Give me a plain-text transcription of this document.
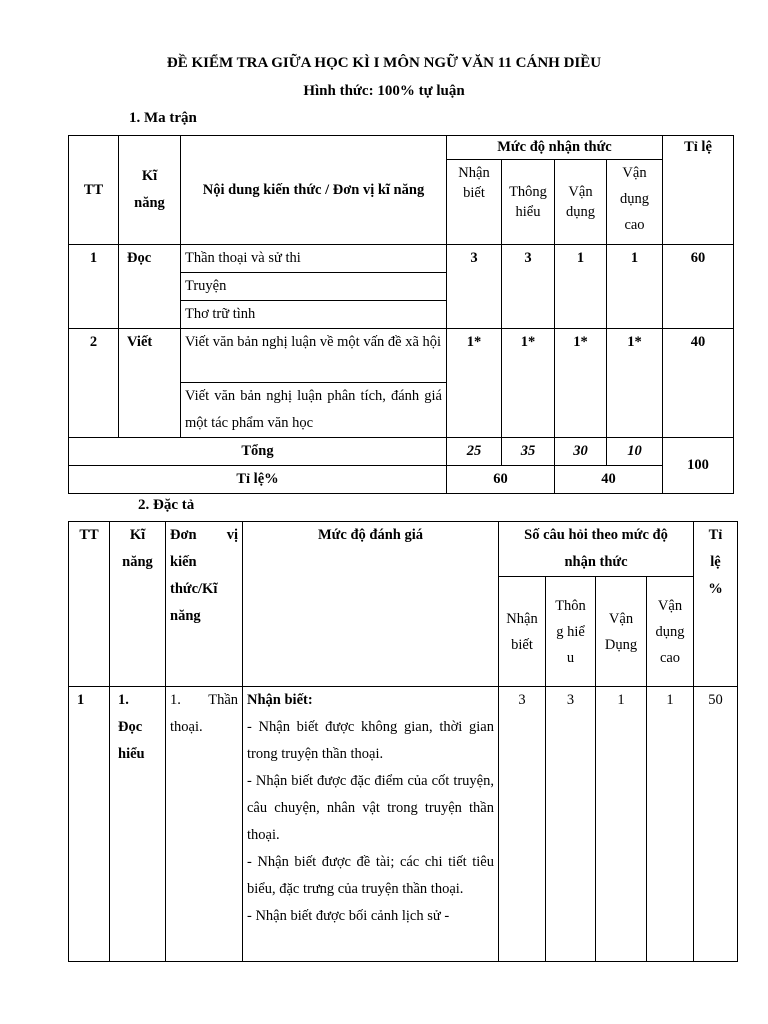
ĐỀ KIỂM TRA GIỮA HỌC KÌ I MÔN NGỮ VĂN 11 CÁNH DIỀU
Hình thức: 100% tự luận
1. Ma trận
TT	Kĩ năng	Nội dung kiến thức / Đơn vị kĩ năng	Mức độ nhận thức				Tỉ lệ
			Nhận biết	Thông hiểu	Vận dụng	Vận dụng cao	
1	Đọc	Thần thoại và sử thi	3	3	1	1	60
		Truyện					
		Thơ trữ tình					
2	Viết	Viết văn bản nghị luận về một vấn đề xã hội	1*	1*	1*	1*	40
		Viết văn bản nghị luận phân tích, đánh giá một tác phẩm văn học					
Tổng			25	35	30	10	100
Tỉ lệ%			60		40		
2. Đặc tả
TT	Kĩ năng	Đơn vị kiến thức/Kĩ năng	Mức độ đánh giá	Số câu hỏi theo mức độ nhận thức				Tỉ lệ %
				Nhận biết	Thông hiểu	Vận Dụng	Vận dụng cao	
1	1. Đọc hiểu	1. Thần thoại.	Nhận biết:
- Nhận biết được không gian, thời gian trong truyện thần thoại.
- Nhận biết được đặc điểm của cốt truyện, câu chuyện, nhân vật trong truyện thần thoại.
- Nhận biết được đề tài; các chi tiết tiêu biểu, đặc trưng của truyện thần thoại.
- Nhận biết được bối cảnh lịch sử -	3	3	1	1	50
